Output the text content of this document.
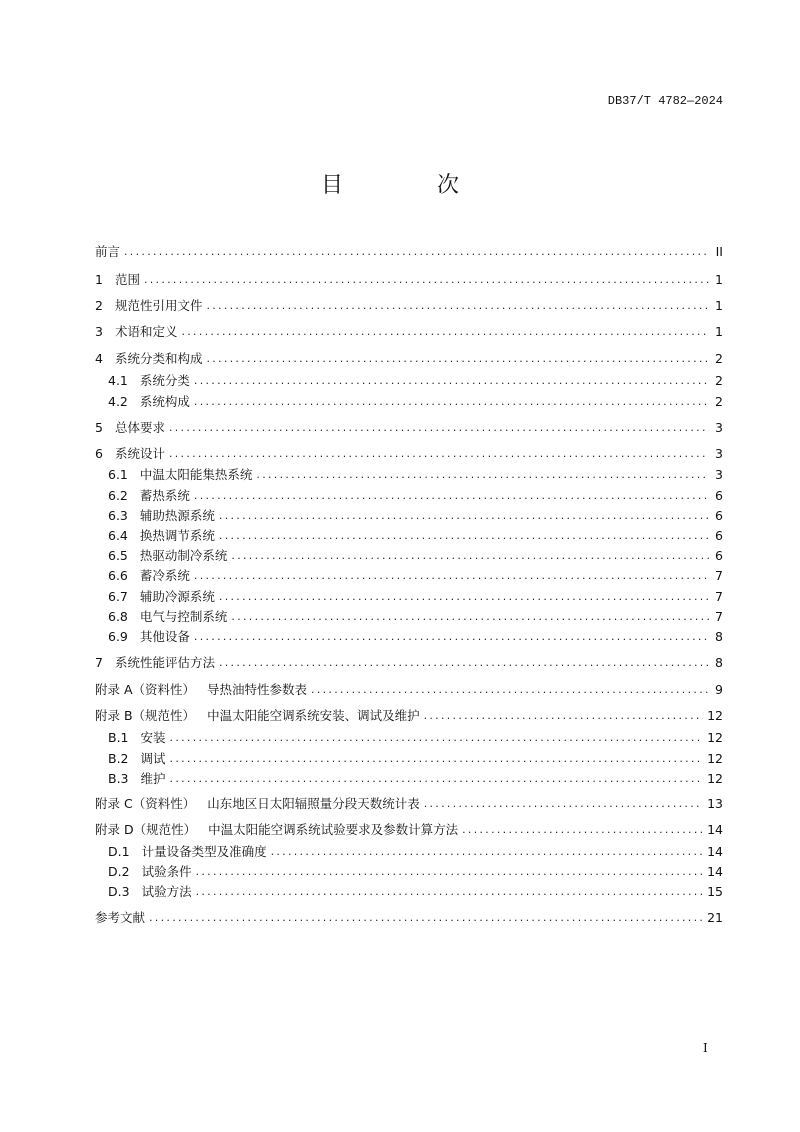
DB37/T 4782—2024
目　次
前言 . . .	II
1 范围 . . .	1
2 规范性引用文件 . . .	1
3 术语和定义 . . .	1
4 系统分类和构成 . . .	2
4.1 系统分类 . . .	2
4.2 系统构成 . . .	2
5 总体要求 . . .	3
6 系统设计 . . .	3
6.1 中温太阳能集热系统 . . .	3
6.2 蓄热系统 . . .	6
6.3 辅助热源系统 . . .	6
6.4 换热调节系统 . . .	6
6.5 热驱动制冷系统 . . .	6
6.6 蓄冷系统 . . .	7
6.7 辅助冷源系统 . . .	7
6.8 电气与控制系统 . . .	7
6.9 其他设备 . . .	8
7 系统性能评估方法 . . .	8
附录 A（资料性） 导热油特性参数表 . . .	9
附录 B（规范性） 中温太阳能空调系统安装、调试及维护 . . .	12
B.1 安装 . . .	12
B.2 调试 . . .	12
B.3 维护 . . .	12
附录 C（资料性） 山东地区日太阳辐照量分段天数统计表 . . .	13
附录 D（规范性） 中温太阳能空调系统试验要求及参数计算方法 . . .	14
D.1 计量设备类型及准确度 . . .	14
D.2 试验条件 . . .	14
D.3 试验方法 . . .	15
参考文献 . . .	21
I
